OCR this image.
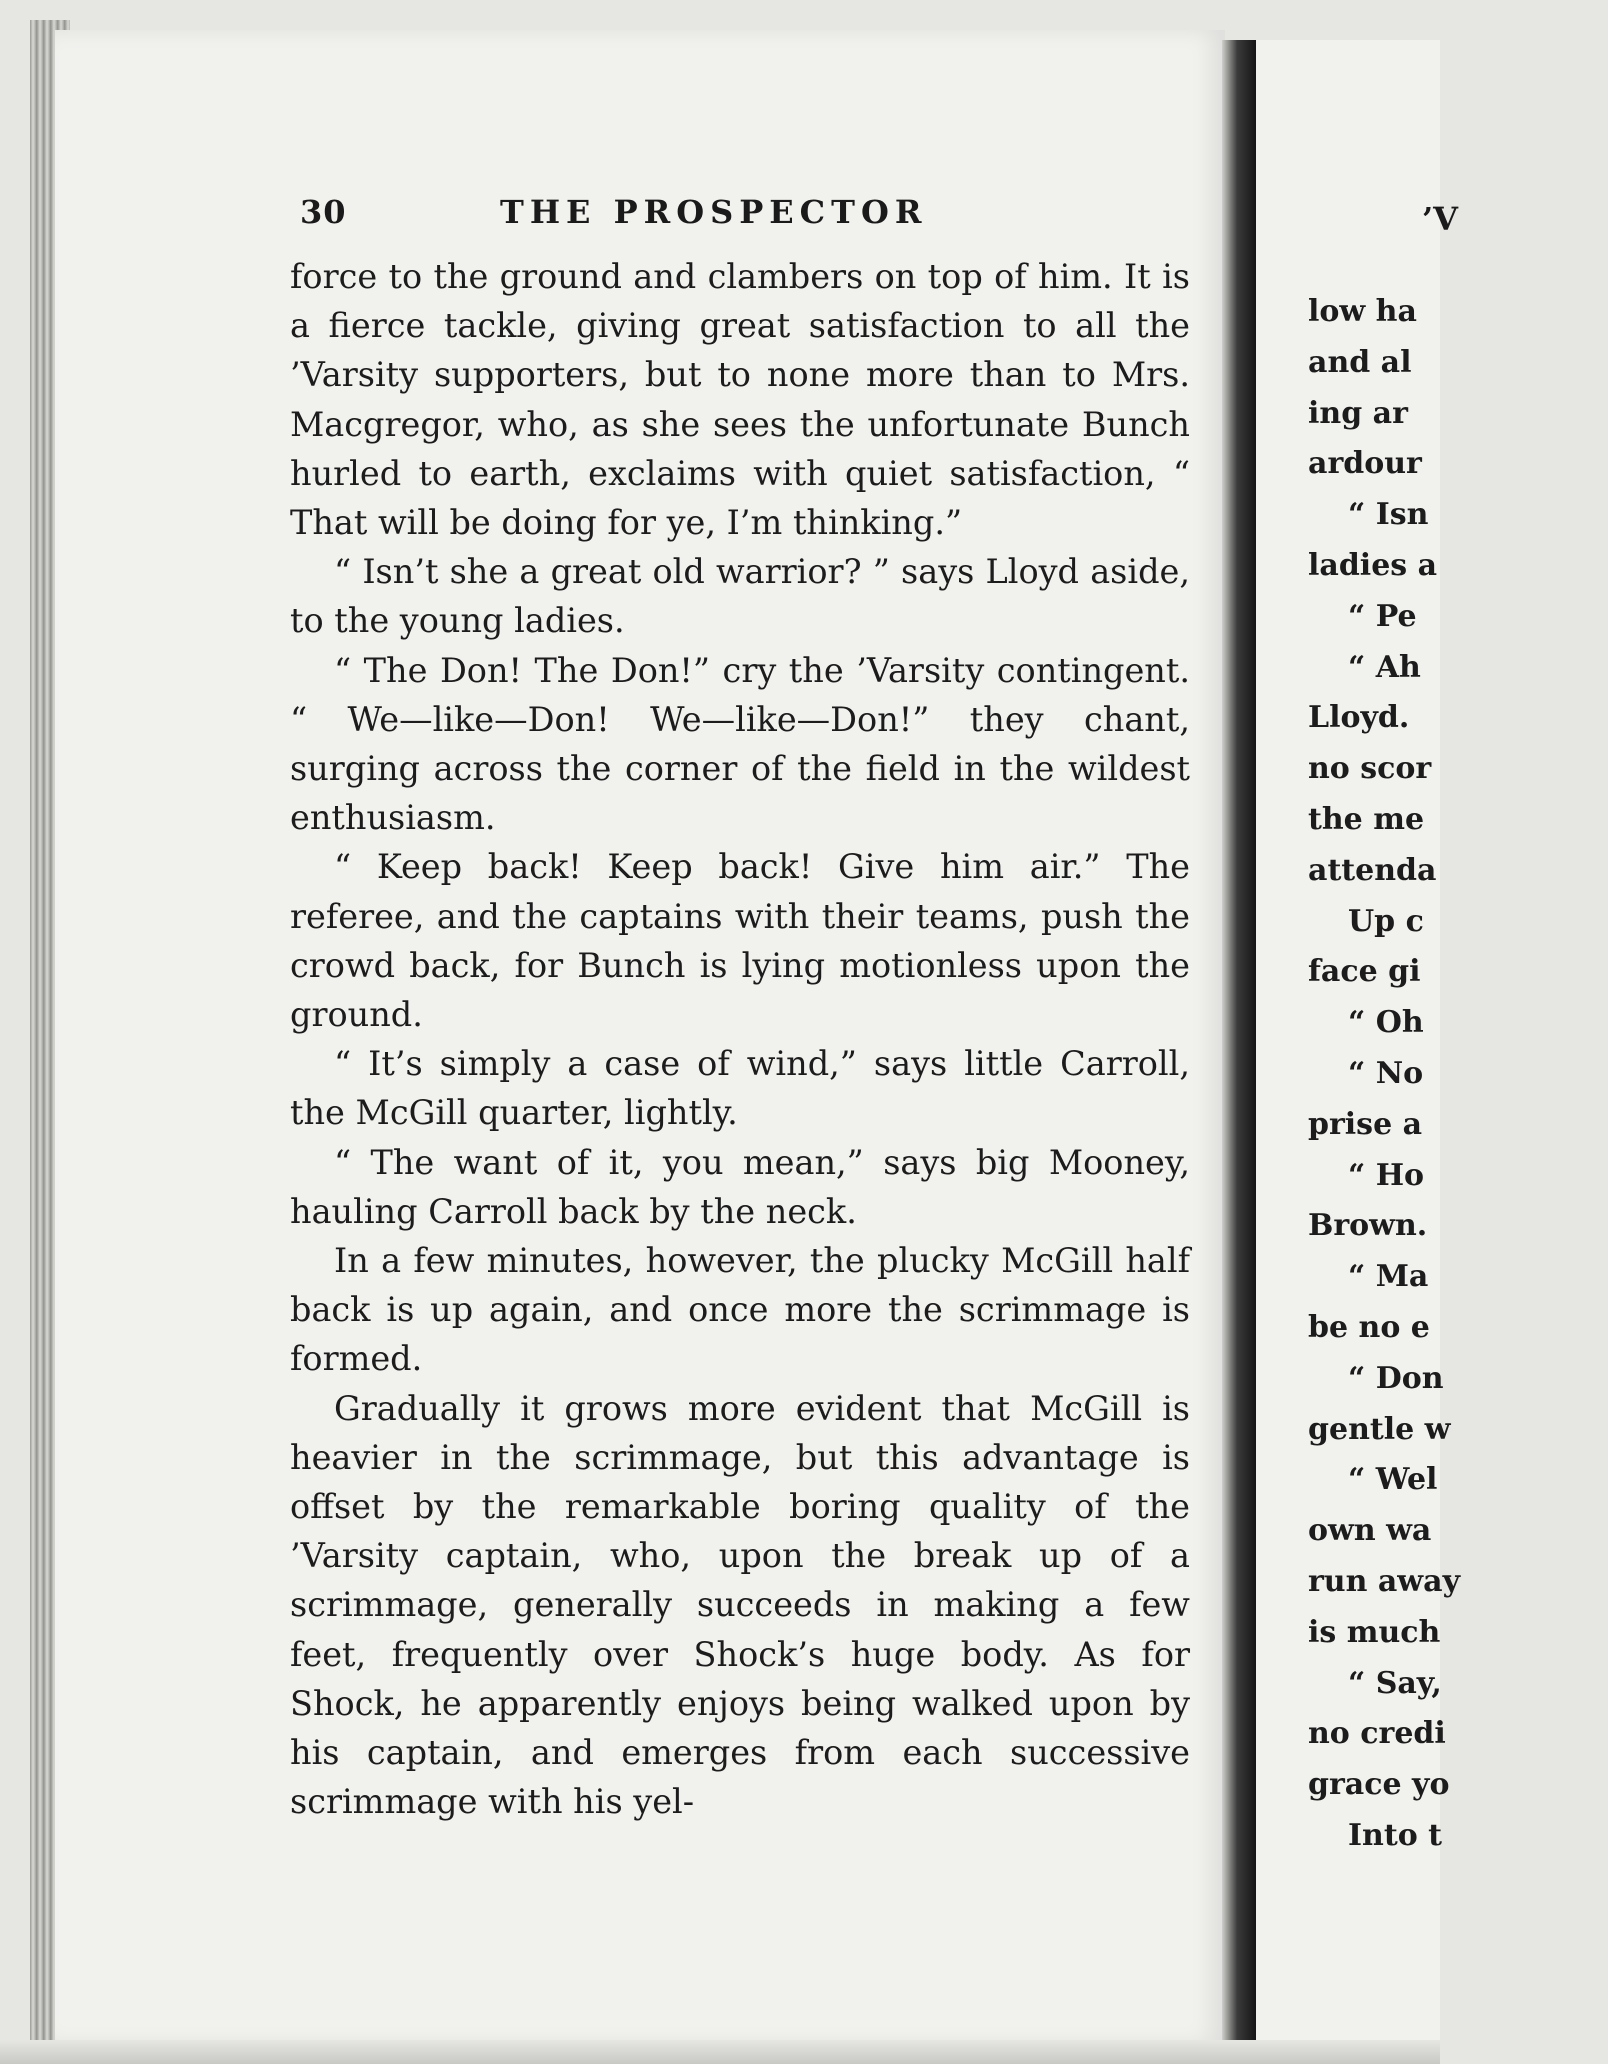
’V
low ha
and al
ing ar
ardour
“ Isn
ladies a
“ Pe
“ Ah
Lloyd.
no scor
the me
attenda
Up c
face gi
“ Oh
“ No
prise a
“ Ho
Brown.
“ Ma
be no e
“ Don
gentle w
“ Wel
own wa
run away
is much
“ Say,
no credi
grace yo
Into t
30	THE PROSPECTOR

force to the ground and clambers on top of him. It is a fierce tackle, giving great satisfaction to all the ’Varsity supporters, but to none more than to Mrs. Macgregor, who, as she sees the unfortunate Bunch hurled to earth, exclaims with quiet satisfaction, “ That will be doing for ye, I’m thinking.”

“ Isn’t she a great old warrior? ” says Lloyd aside, to the young ladies.

“ The Don! The Don!” cry the ’Varsity contingent. “ We—like—Don! We—like—Don!” they chant, surging across the corner of the field in the wildest enthusiasm.

“ Keep back! Keep back! Give him air.” The referee, and the captains with their teams, push the crowd back, for Bunch is lying motionless upon the ground.

“ It’s simply a case of wind,” says little Carroll, the McGill quarter, lightly.

“ The want of it, you mean,” says big Mooney, hauling Carroll back by the neck.

In a few minutes, however, the plucky McGill half back is up again, and once more the scrimmage is formed.

Gradually it grows more evident that McGill is heavier in the scrimmage, but this advantage is offset by the remarkable boring quality of the ’Varsity captain, who, upon the break up of a scrimmage, generally succeeds in making a few feet, frequently over Shock’s huge body. As for Shock, he apparently enjoys being walked upon by his captain, and emerges from each successive scrimmage with his yel-
